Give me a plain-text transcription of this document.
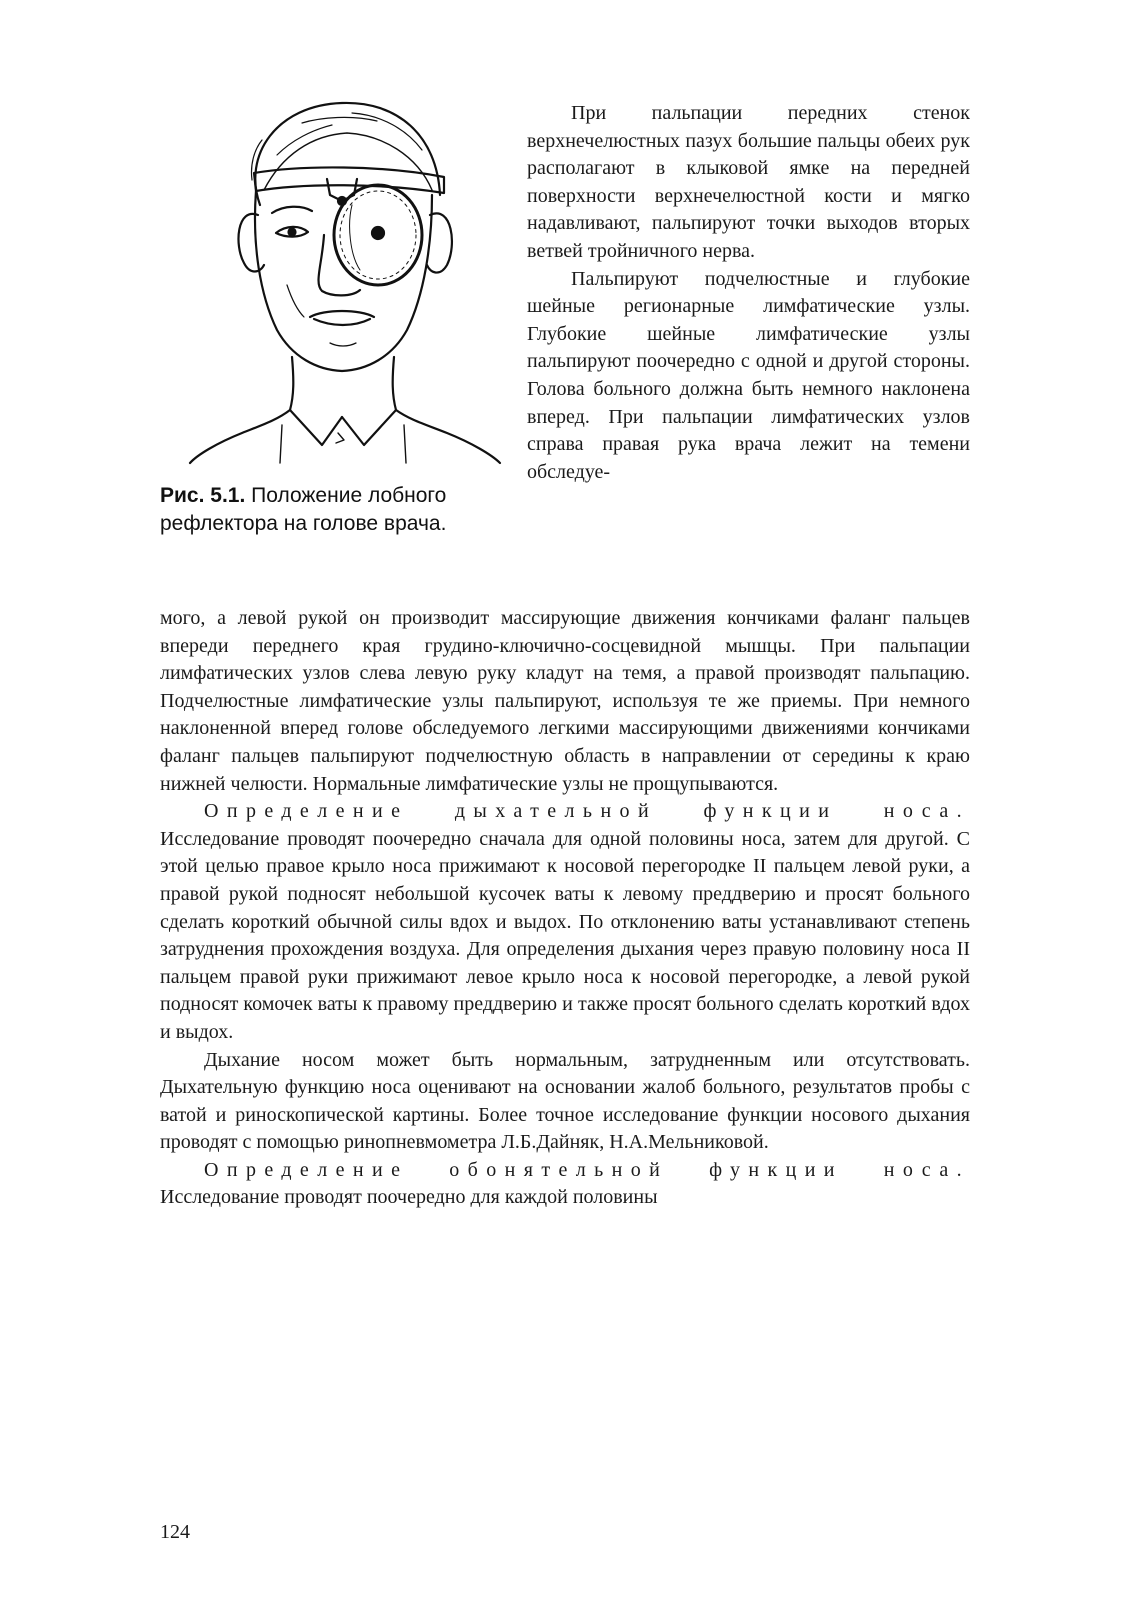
Рис. 5.1. Положение лобного рефлектора на голове врача.

При пальпации передних стенок верхнечелюстных пазух большие пальцы обеих рук располагают в клыковой ямке на передней поверхности верхнечелюстной кости и мягко надавливают, пальпируют точки выходов вторых ветвей тройничного нерва.

Пальпируют подчелюстные и глубокие шейные регионарные лимфатические узлы. Глубокие шейные лимфатические узлы пальпируют поочередно с одной и другой стороны. Голова больного должна быть немного наклонена вперед. При пальпации лимфатических узлов справа правая рука врача лежит на темени обследуе-

мого, а левой рукой он производит массирующие движения кончиками фаланг пальцев впереди переднего края грудино-ключично-сосцевидной мышцы. При пальпации лимфатических узлов слева левую руку кладут на темя, а правой производят пальпацию. Подчелюстные лимфатические узлы пальпируют, используя те же приемы. При немного наклоненной вперед голове обследуемого легкими массирующими движениями кончиками фаланг пальцев пальпируют подчелюстную область в направлении от середины к краю нижней челюсти. Нормальные лимфатические узлы не прощупываются.

Определение дыхательной функции носа. Исследование проводят поочередно сначала для одной половины носа, затем для другой. С этой целью правое крыло носа прижимают к носовой перегородке II пальцем левой руки, а правой рукой подносят небольшой кусочек ваты к левому преддверию и просят больного сделать короткий обычной силы вдох и выдох. По отклонению ваты устанавливают степень затруднения прохождения воздуха. Для определения дыхания через правую половину носа II пальцем правой руки прижимают левое крыло носа к носовой перегородке, а левой рукой подносят комочек ваты к правому преддверию и также просят больного сделать короткий вдох и выдох.

Дыхание носом может быть нормальным, затрудненным или отсутствовать. Дыхательную функцию носа оценивают на основании жалоб больного, результатов пробы с ватой и риноскопической картины. Более точное исследование функции носового дыхания проводят с помощью ринопневмометра Л.Б.Дайняк, Н.А.Мельниковой.

Определение обонятельной функции носа. Исследование проводят поочередно для каждой половины

124
